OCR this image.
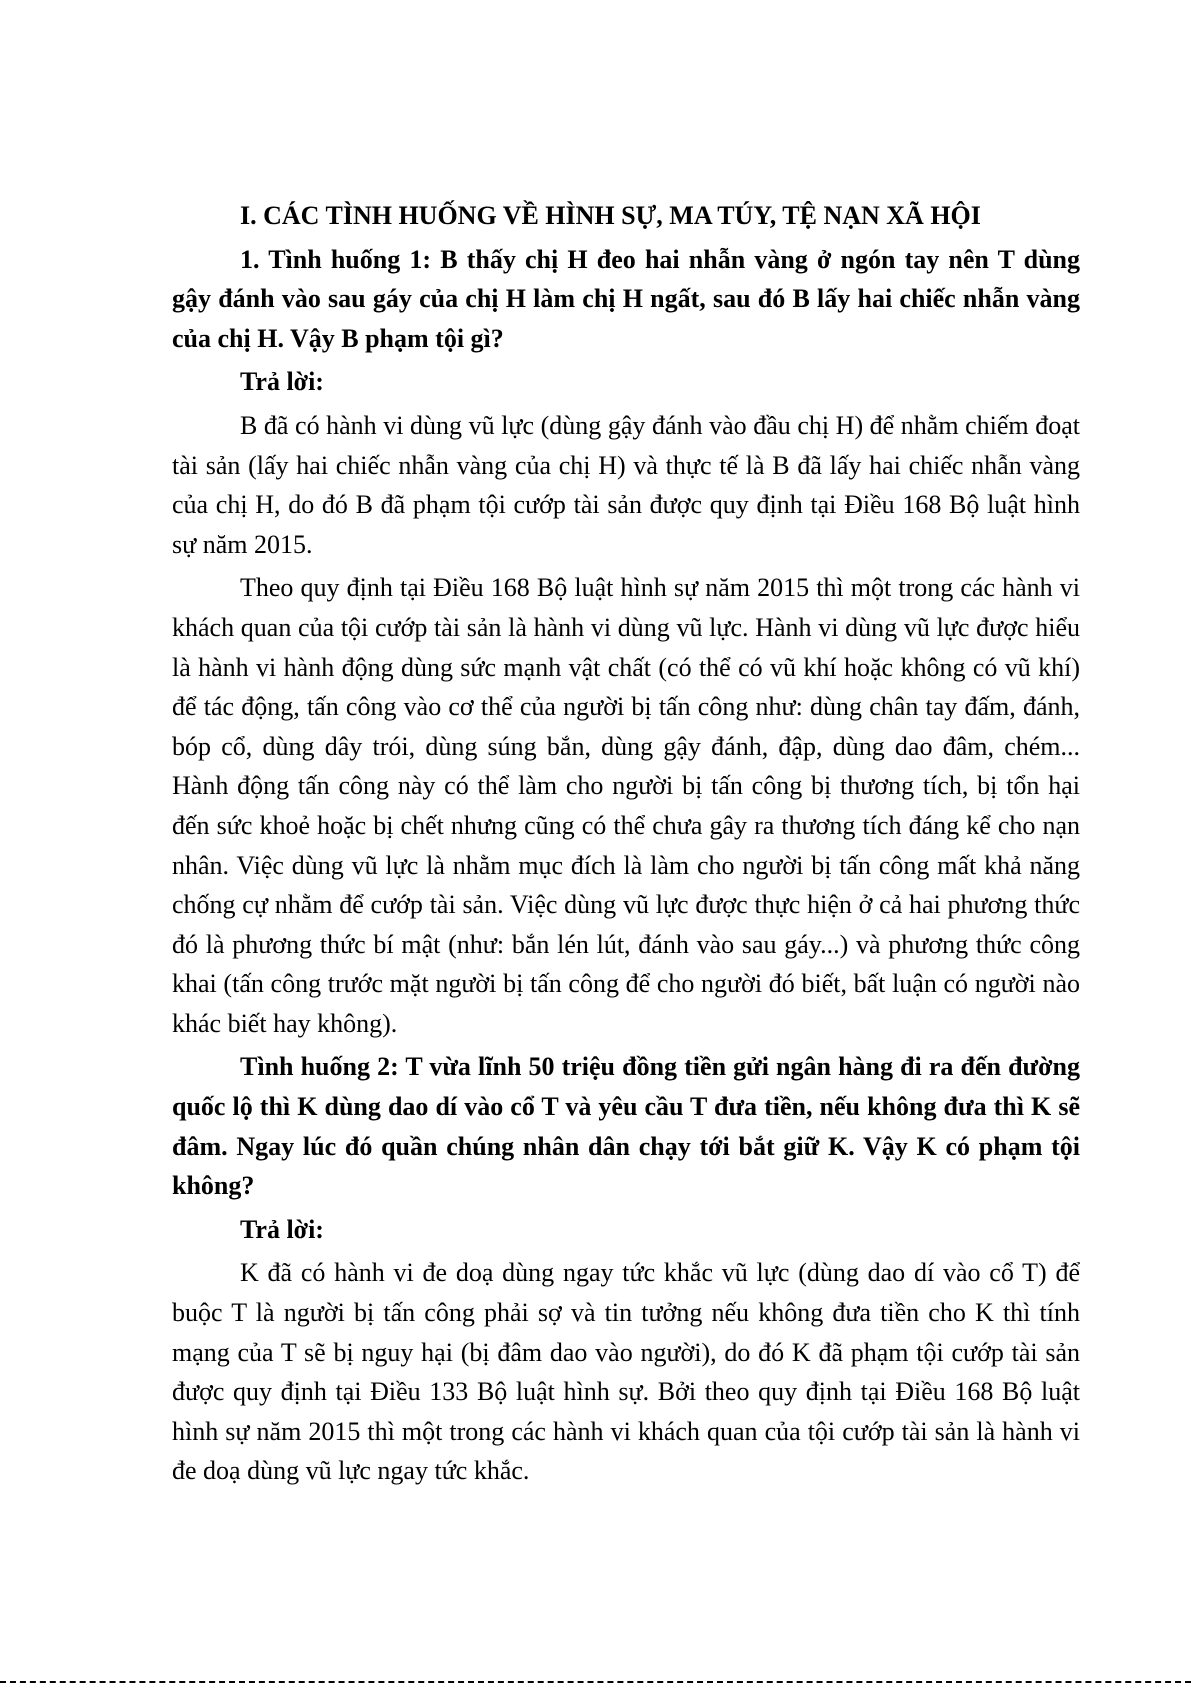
I. CÁC TÌNH HUỐNG VỀ HÌNH SỰ, MA TÚY, TỆ NẠN XÃ HỘI

1. Tình huống 1: B thấy chị H đeo hai nhẫn vàng ở ngón tay nên T dùng gậy đánh vào sau gáy của chị H làm chị H ngất, sau đó B lấy hai chiếc nhẫn vàng của chị H. Vậy B phạm tội gì?

Trả lời:

B đã có hành vi dùng vũ lực (dùng gậy đánh vào đầu chị H) để nhằm chiếm đoạt tài sản (lấy hai chiếc nhẫn vàng của chị H) và thực tế là B đã lấy hai chiếc nhẫn vàng của chị H, do đó B đã phạm tội cướp tài sản được quy định tại Điều 168 Bộ luật hình sự năm 2015.

Theo quy định tại Điều 168 Bộ luật hình sự năm 2015 thì một trong các hành vi khách quan của tội cướp tài sản là hành vi dùng vũ lực. Hành vi dùng vũ lực được hiểu là hành vi hành động dùng sức mạnh vật chất (có thể có vũ khí hoặc không có vũ khí) để tác động, tấn công vào cơ thể của người bị tấn công như: dùng chân tay đấm, đánh, bóp cổ, dùng dây trói, dùng súng bắn, dùng gậy đánh, đập, dùng dao đâm, chém... Hành động tấn công này có thể làm cho người bị tấn công bị thương tích, bị tổn hại đến sức khoẻ hoặc bị chết nhưng cũng có thể chưa gây ra thương tích đáng kể cho nạn nhân. Việc dùng vũ lực là nhằm mục đích là làm cho người bị tấn công mất khả năng chống cự nhằm để cướp tài sản. Việc dùng vũ lực được thực hiện ở cả hai phương thức đó là phương thức bí mật (như: bắn lén lút, đánh vào sau gáy...) và phương thức công khai (tấn công trước mặt người bị tấn công để cho người đó biết, bất luận có người nào khác biết hay không).

Tình huống 2: T vừa lĩnh 50 triệu đồng tiền gửi ngân hàng đi ra đến đường quốc lộ thì K dùng dao dí vào cổ T và yêu cầu T đưa tiền, nếu không đưa thì K sẽ đâm. Ngay lúc đó quần chúng nhân dân chạy tới bắt giữ K. Vậy K có phạm tội không?

Trả lời:

K đã có hành vi đe doạ dùng ngay tức khắc vũ lực (dùng dao dí vào cổ T) để buộc T là người bị tấn công phải sợ và tin tưởng nếu không đưa tiền cho K thì tính mạng của T sẽ bị nguy hại (bị đâm dao vào người), do đó K đã phạm tội cướp tài sản được quy định tại Điều 133 Bộ luật hình sự. Bởi theo quy định tại Điều 168 Bộ luật hình sự năm 2015 thì một trong các hành vi khách quan của tội cướp tài sản là hành vi đe doạ dùng vũ lực ngay tức khắc.
